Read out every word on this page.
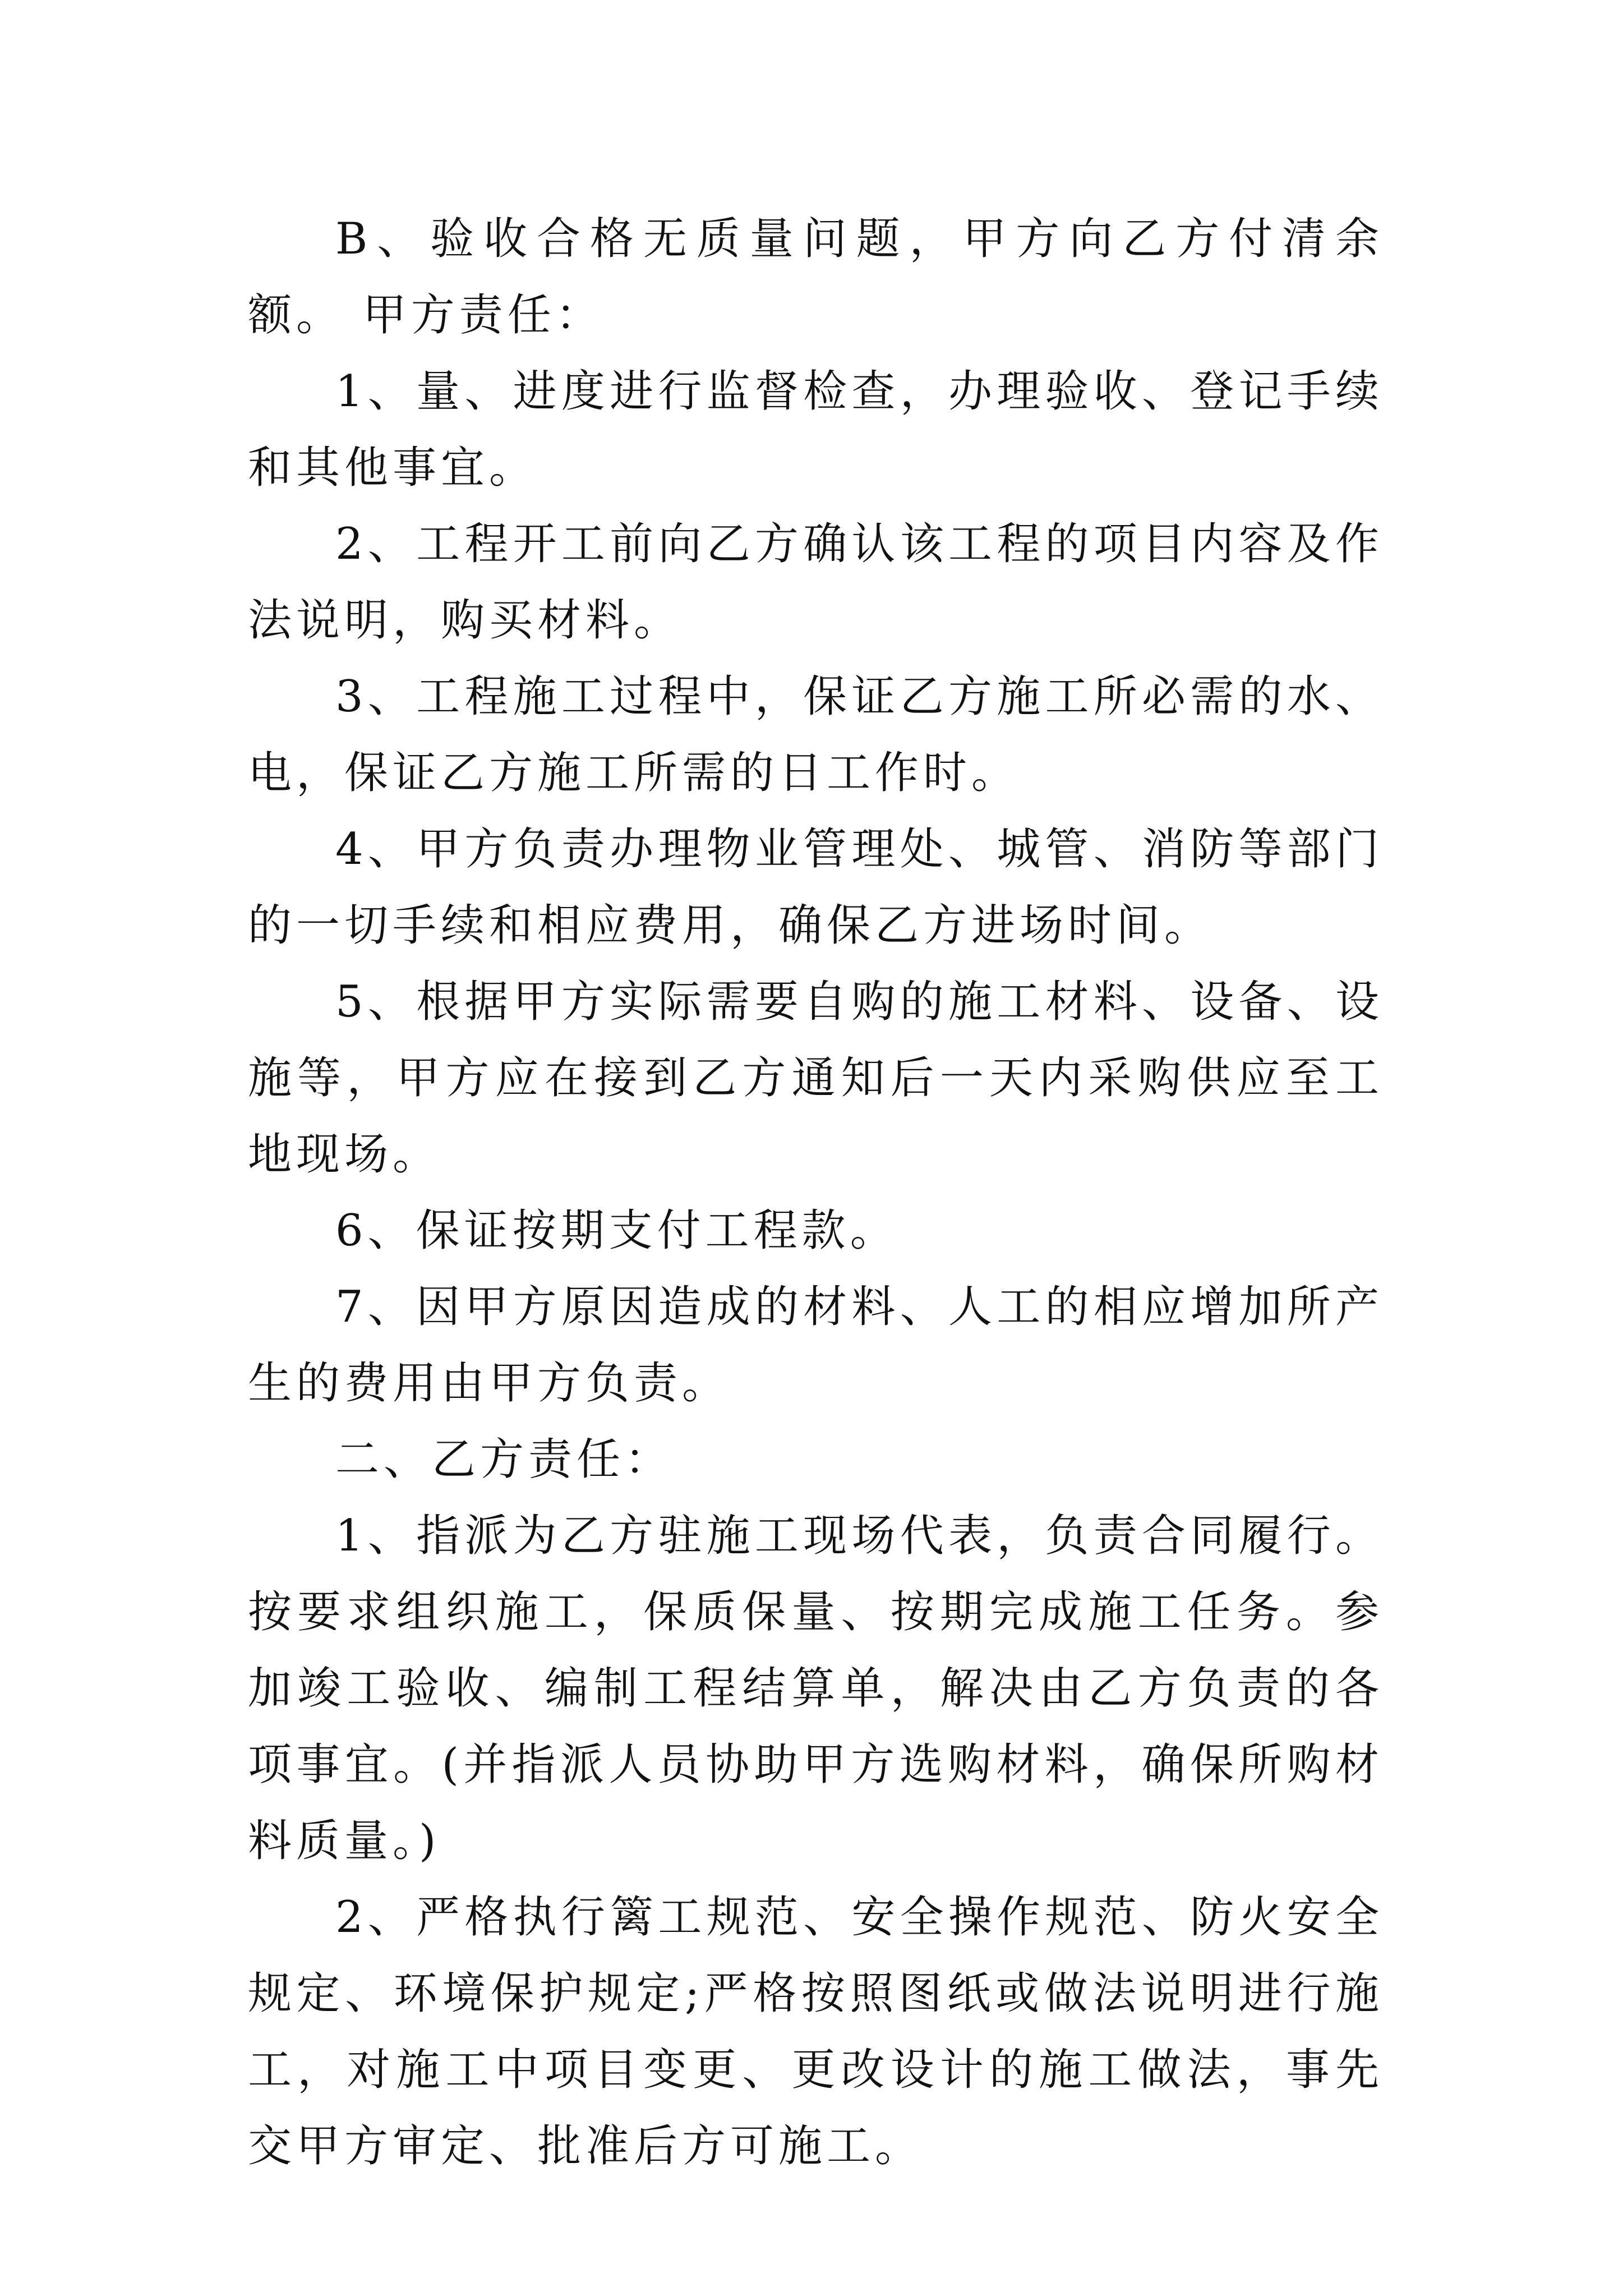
B、验收合格无质量问题，甲方向乙方付清余额。 甲方责任：

1、量、进度进行监督检查，办理验收、登记手续和其他事宜。

2、工程开工前向乙方确认该工程的项目内容及作法说明，购买材料。

3、工程施工过程中，保证乙方施工所必需的水、电，保证乙方施工所需的日工作时。

4、甲方负责办理物业管理处、城管、消防等部门的一切手续和相应费用，确保乙方进场时间。

5、根据甲方实际需要自购的施工材料、设备、设施等，甲方应在接到乙方通知后一天内采购供应至工地现场。

6、保证按期支付工程款。

7、因甲方原因造成的材料、人工的相应增加所产生的费用由甲方负责。

二、乙方责任：

1、指派为乙方驻施工现场代表，负责合同履行。按要求组织施工，保质保量、按期完成施工任务。参加竣工验收、编制工程结算单，解决由乙方负责的各项事宜。(并指派人员协助甲方选购材料，确保所购材料质量。)

2、严格执行篱工规范、安全操作规范、防火安全规定、环境保护规定;严格按照图纸或做法说明进行施工，对施工中项目变更、更改设计的施工做法，事先交甲方审定、批准后方可施工。
